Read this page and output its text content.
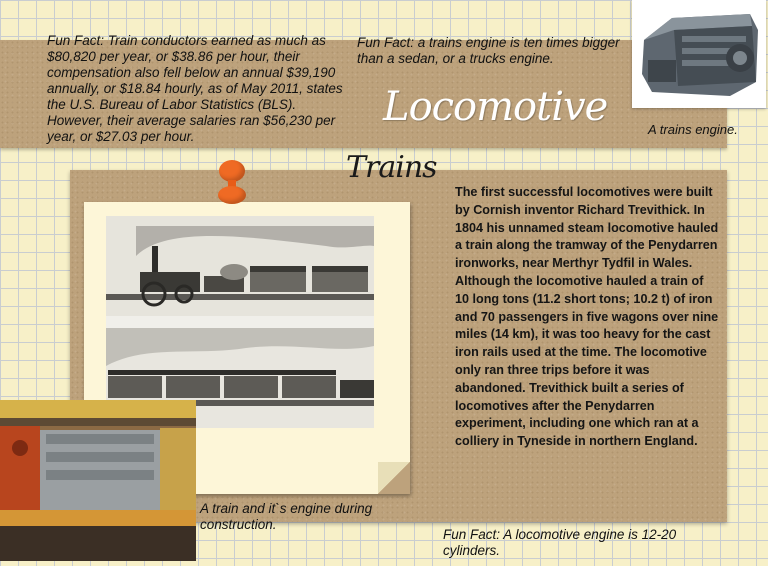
Fun Fact: Train conductors earned as much as $80,820 per year, or $38.86 per hour, their compensation also fell below an annual $39,190 annually, or $18.84 hourly, as of May 2011, states the U.S. Bureau of Labor Statistics (BLS). However, their average salaries ran $56,230 per year, or $27.03 per hour.
Fun Fact: a trains engine is ten times bigger than a sedan, or a trucks engine.
Locomotive	A trains engine.
Trains
A train and it`s engine during construction.
The first successful locomotives were built by Cornish inventor Richard Trevithick. In 1804 his unnamed steam locomotive hauled a train along the tramway of the Penydarren ironworks, near Merthyr Tydfil in Wales. Although the locomotive hauled a train of 10 long tons (11.2 short tons; 10.2 t) of iron and 70 passengers in five wagons over nine miles (14 km), it was too heavy for the cast iron rails used at the time. The locomotive only ran three trips before it was abandoned. Trevithick built a series of locomotives after the Penydarren experiment, including one which ran at a colliery in Tyneside in northern England.
Fun Fact: A locomotive engine is 12-20 cylinders.
